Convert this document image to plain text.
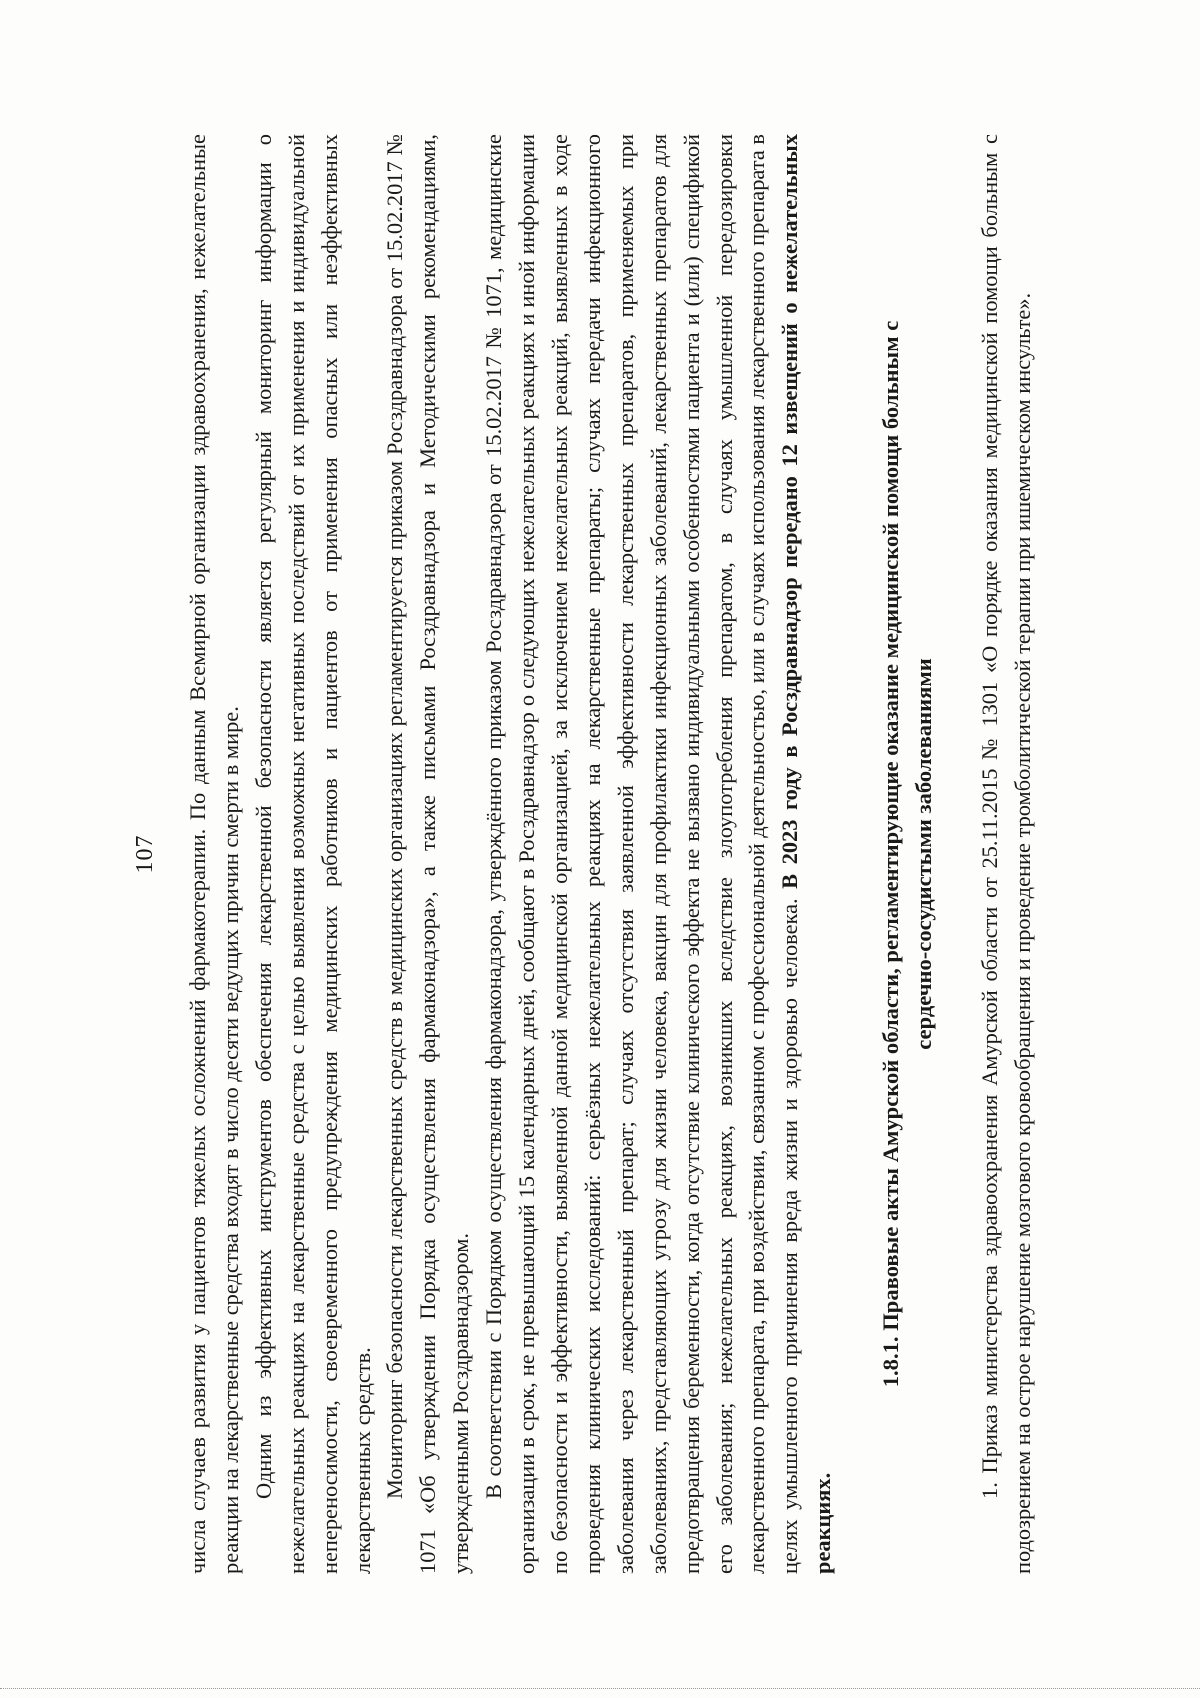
107 числа случаев развития у пациентов тяжелых осложнений фармакотерапии. По данным Всемирной организации здравоохранения, нежелательные реакции на лекарственные средства входят в число десяти ведущих причин смерти в мире. Одним из эффективных инструментов обеспечения лекарственной безопасности является регулярный мониторинг информации о нежелательных реакциях на лекарственные средства с целью выявления возможных негативных последствий от их применения и индивидуальной непереносимости, своевременного предупреждения медицинских работников и пациентов от применения опасных или неэффективных лекарственных средств. Мониторинг безопасности лекарственных средств в медицинских организациях регламентируется приказом Росздравнадзора от 15.02.2017 № 1071 «Об утверждении Порядка осуществления фармаконадзора», а также письмами Росздравнадзора и Методическими рекомендациями, утвержденными Росздравнадзором. В соответствии с Порядком осуществления фармаконадзора, утверждённого приказом Росздравнадзора от 15.02.2017 № 1071, медицинские организации в срок, не превышающий 15 календарных дней, сообщают в Росздравнадзор о следующих нежелательных реакциях и иной информации по безопасности и эффективности, выявленной данной медицинской организацией, за исключением нежелательных реакций, выявленных в ходе проведения клинических исследований: серьёзных нежелательных реакциях на лекарственные препараты; случаях передачи инфекционного заболевания через лекарственный препарат; случаях отсутствия заявленной эффективности лекарственных препаратов, применяемых при заболеваниях, представляющих угрозу для жизни человека, вакцин для профилактики инфекционных заболеваний, лекарственных препаратов для предотвращения беременности, когда отсутствие клинического эффекта не вызвано индивидуальными особенностями пациента и (или) спецификой его заболевания; нежелательных реакциях, возникших вследствие злоупотребления препаратом, в случаях умышленной передозировки лекарственного препарата, при воздействии, связанном с профессиональной деятельностью, или в случаях использования лекарственного препарата в целях умышленного причинения вреда жизни и здоровью человека. В 2023 году в Росздравнадзор передано 12 извещений о нежелательных реакциях.

1.8.1. Правовые акты Амурской области, регламентирующие оказание медицинской помощи больным с сердечно-сосудистыми заболеваниями 1. Приказ министерства здравоохранения Амурской области от 25.11.2015 № 1301 «О порядке оказания медицинской помощи больным с подозрением на острое нарушение мозгового кровообращения и проведение тромболитической терапии при ишемическом инсульте».
